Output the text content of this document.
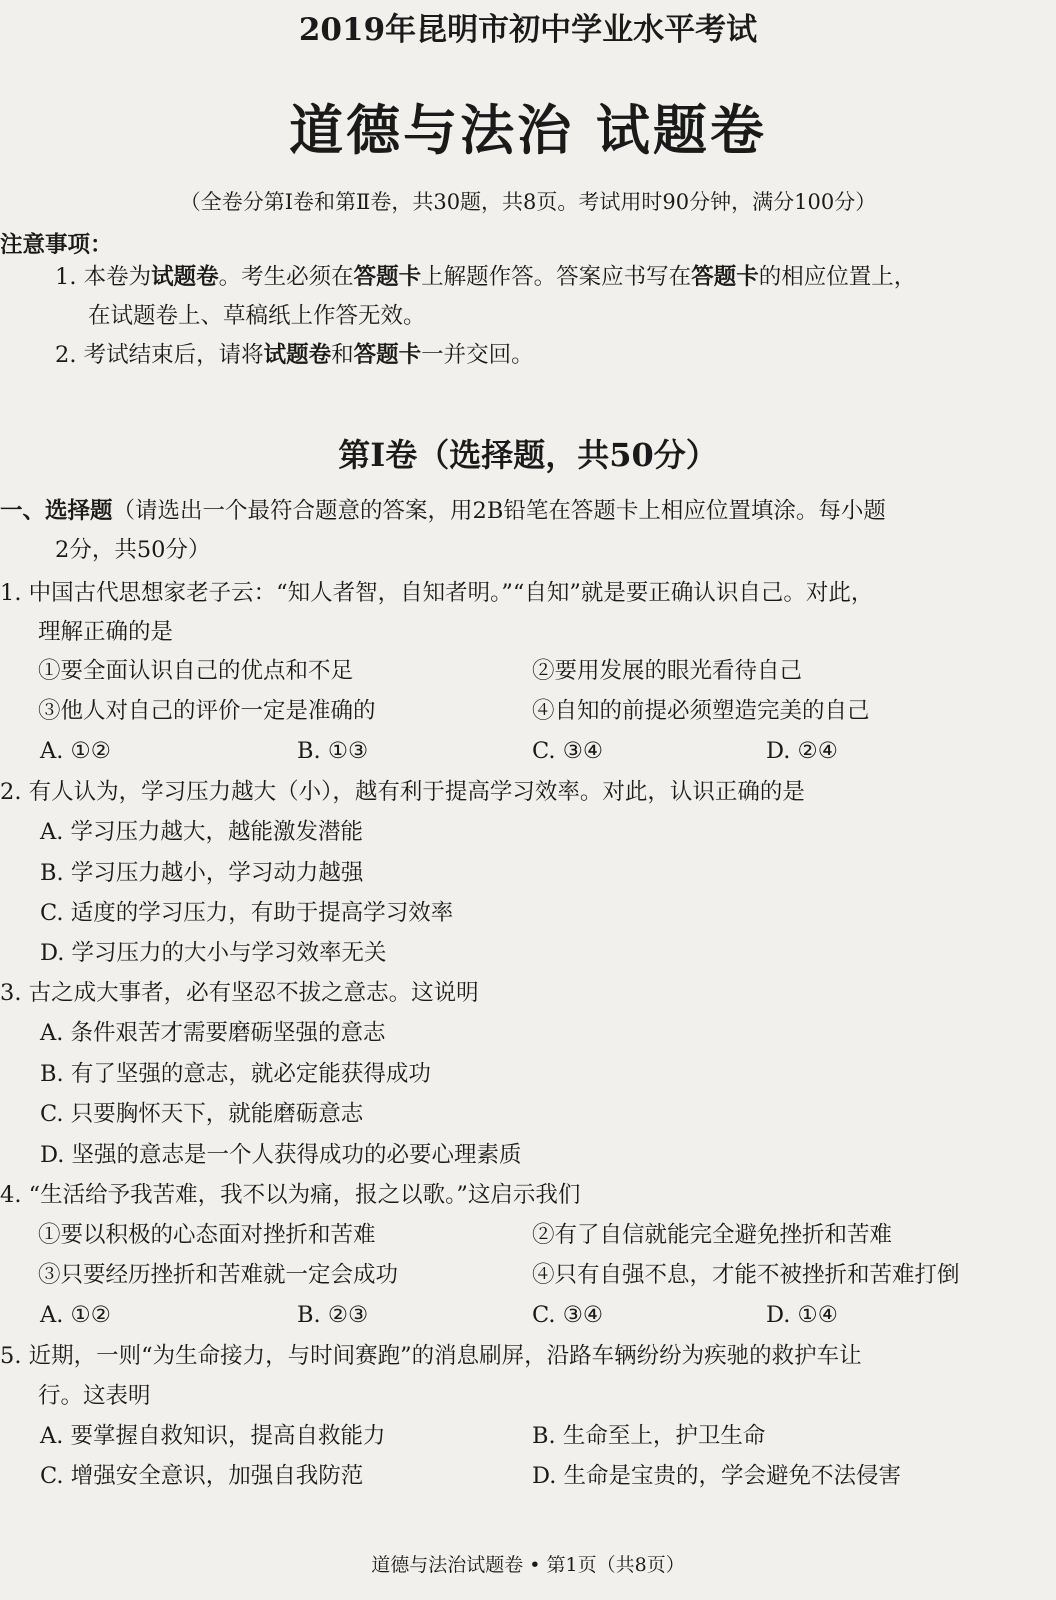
2019年昆明市初中学业水平考试
道德与法治 试题卷
（全卷分第Ⅰ卷和第Ⅱ卷，共30题，共8页。考试用时90分钟，满分100分）
注意事项：
1. 本卷为试题卷。考生必须在答题卡上解题作答。答案应书写在答题卡的相应位置上，
在试题卷上、草稿纸上作答无效。
2. 考试结束后，请将试题卷和答题卡一并交回。
第Ⅰ卷（选择题，共50分）
一、选择题（请选出一个最符合题意的答案，用2B铅笔在答题卡上相应位置填涂。每小题
2分，共50分）
1. 中国古代思想家老子云：“知人者智，自知者明。”“自知”就是要正确认识自己。对此，
理解正确的是
①要全面认识自己的优点和不足	②要用发展的眼光看待自己
③他人对自己的评价一定是准确的	④自知的前提必须塑造完美的自己
A. ①②	B. ①③	C. ③④	D. ②④
2. 有人认为，学习压力越大（小），越有利于提高学习效率。对此，认识正确的是
A. 学习压力越大，越能激发潜能
B. 学习压力越小，学习动力越强
C. 适度的学习压力，有助于提高学习效率
D. 学习压力的大小与学习效率无关
3. 古之成大事者，必有坚忍不拔之意志。这说明
A. 条件艰苦才需要磨砺坚强的意志
B. 有了坚强的意志，就必定能获得成功
C. 只要胸怀天下，就能磨砺意志
D. 坚强的意志是一个人获得成功的必要心理素质
4. “生活给予我苦难，我不以为痛，报之以歌。”这启示我们
①要以积极的心态面对挫折和苦难	②有了自信就能完全避免挫折和苦难
③只要经历挫折和苦难就一定会成功	④只有自强不息，才能不被挫折和苦难打倒
A. ①②	B. ②③	C. ③④	D. ①④
5. 近期，一则“为生命接力，与时间赛跑”的消息刷屏，沿路车辆纷纷为疾驰的救护车让
行。这表明
A. 要掌握自救知识，提高自救能力	B. 生命至上，护卫生命
C. 增强安全意识，加强自我防范	D. 生命是宝贵的，学会避免不法侵害
道德与法治试题卷 • 第1页（共8页）
